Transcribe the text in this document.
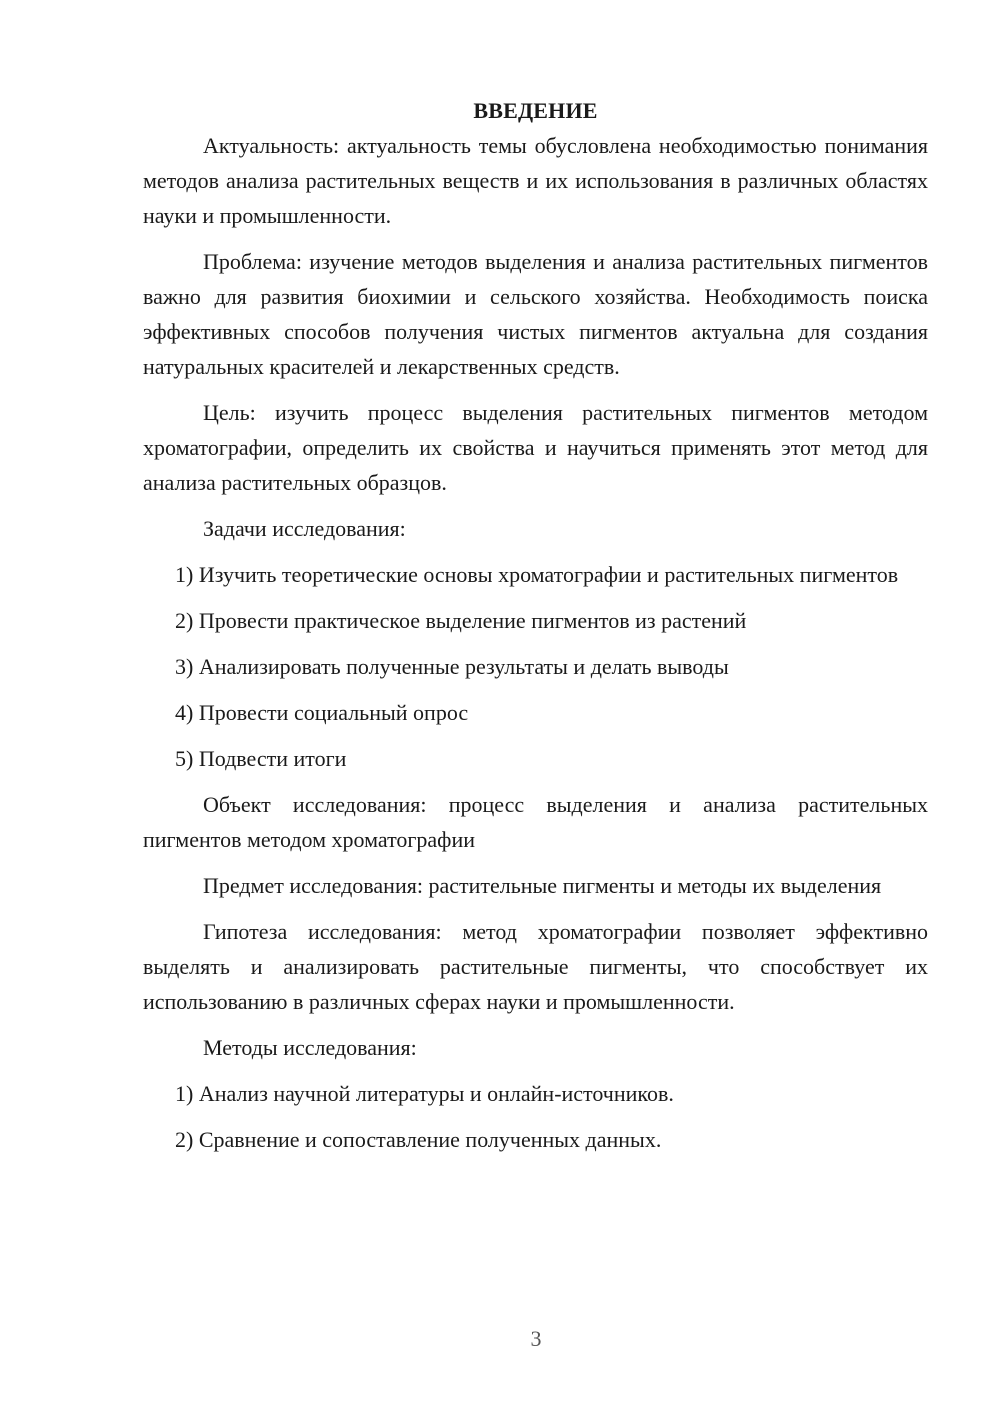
ВВЕДЕНИЕ

Актуальность: актуальность темы обусловлена необходимостью понимания методов анализа растительных веществ и их использования в различных областях науки и промышленности.

Проблема: изучение методов выделения и анализа растительных пигментов важно для развития биохимии и сельского хозяйства. Необходимость поиска эффективных способов получения чистых пигментов актуальна для создания натуральных красителей и лекарственных средств.

Цель: изучить процесс выделения растительных пигментов методом хроматографии, определить их свойства и научиться применять этот метод для анализа растительных образцов.

Задачи исследования:

1) Изучить теоретические основы хроматографии и растительных пигментов

2) Провести практическое выделение пигментов из растений

3) Анализировать полученные результаты и делать выводы

4) Провести социальный опрос

5) Подвести итоги

Объект исследования: процесс выделения и анализа растительных пигментов методом хроматографии

Предмет исследования: растительные пигменты и методы их выделения

Гипотеза исследования: метод хроматографии позволяет эффективно выделять и анализировать растительные пигменты, что способствует их использованию в различных сферах науки и промышленности.

Методы исследования:

1) Анализ научной литературы и онлайн-источников.

2) Сравнение и сопоставление полученных данных.

3
